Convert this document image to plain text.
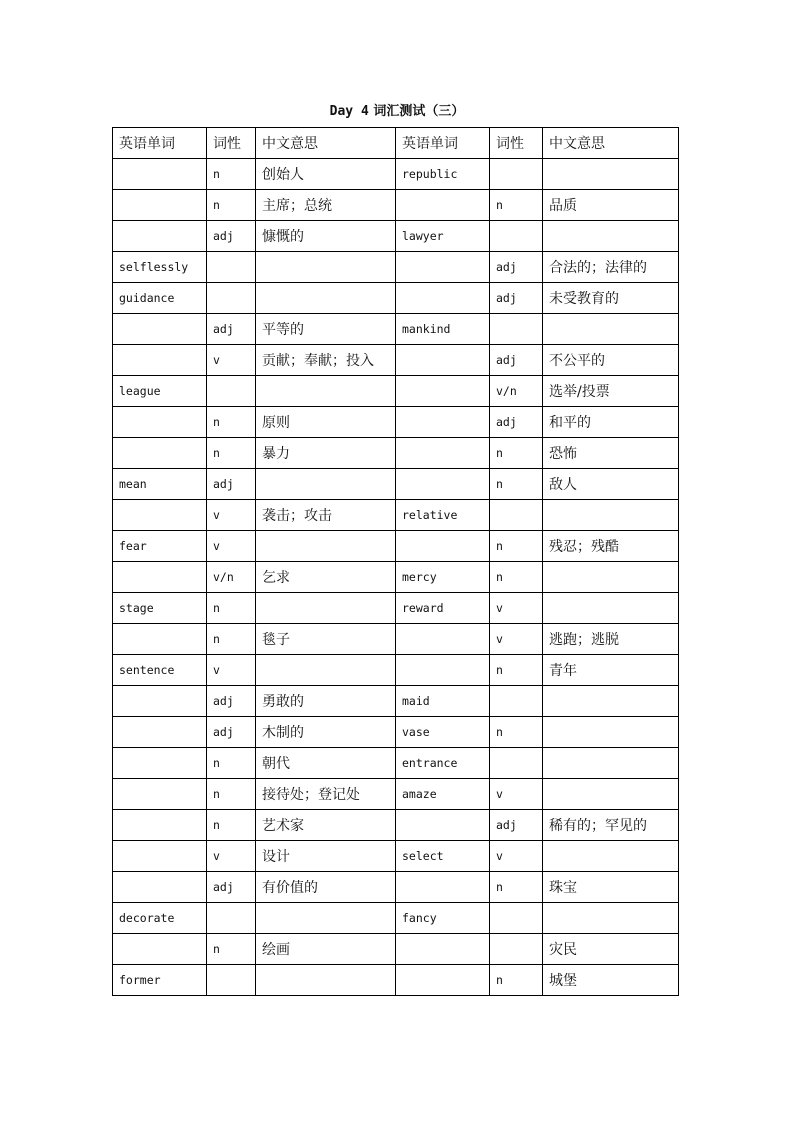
Day 4 词汇测试（三）
英语单词	词性	中文意思	英语单词	词性	中文意思
	n	创始人	republic		
	n	主席；总统		n	品质
	adj	慷慨的	lawyer		
selflessly				adj	合法的；法律的
guidance				adj	未受教育的
	adj	平等的	mankind		
	v	贡献；奉献；投入		adj	不公平的
league				v/n	选举/投票
	n	原则		adj	和平的
	n	暴力		n	恐怖
mean	adj			n	敌人
	v	袭击；攻击	relative		
fear	v			n	残忍；残酷
	v/n	乞求	mercy	n	
stage	n		reward	v	
	n	毯子		v	逃跑；逃脱
sentence	v			n	青年
	adj	勇敢的	maid		
	adj	木制的	vase	n	
	n	朝代	entrance		
	n	接待处；登记处	amaze	v	
	n	艺术家		adj	稀有的；罕见的
	v	设计	select	v	
	adj	有价值的		n	珠宝
decorate			fancy		
	n	绘画			灾民
former				n	城堡
